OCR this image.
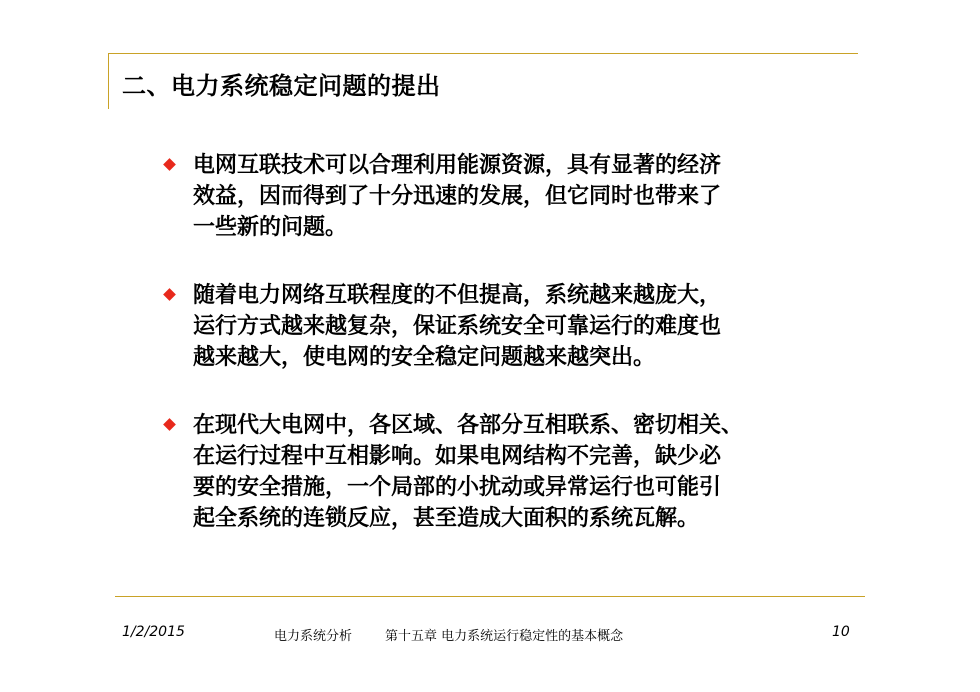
二、电力系统稳定问题的提出
电网互联技术可以合理利用能源资源，具有显著的经济
效益，因而得到了十分迅速的发展，但它同时也带来了
一些新的问题。
随着电力网络互联程度的不但提高，系统越来越庞大，
运行方式越来越复杂，保证系统安全可靠运行的难度也
越来越大，使电网的安全稳定问题越来越突出。
在现代大电网中，各区域、各部分互相联系、密切相关、
在运行过程中互相影响。如果电网结构不完善，缺少必
要的安全措施，一个局部的小扰动或异常运行也可能引
起全系统的连锁反应，甚至造成大面积的系统瓦解。
1/2/2015	电力系统分析	第十五章 电力系统运行稳定性的基本概念	10
